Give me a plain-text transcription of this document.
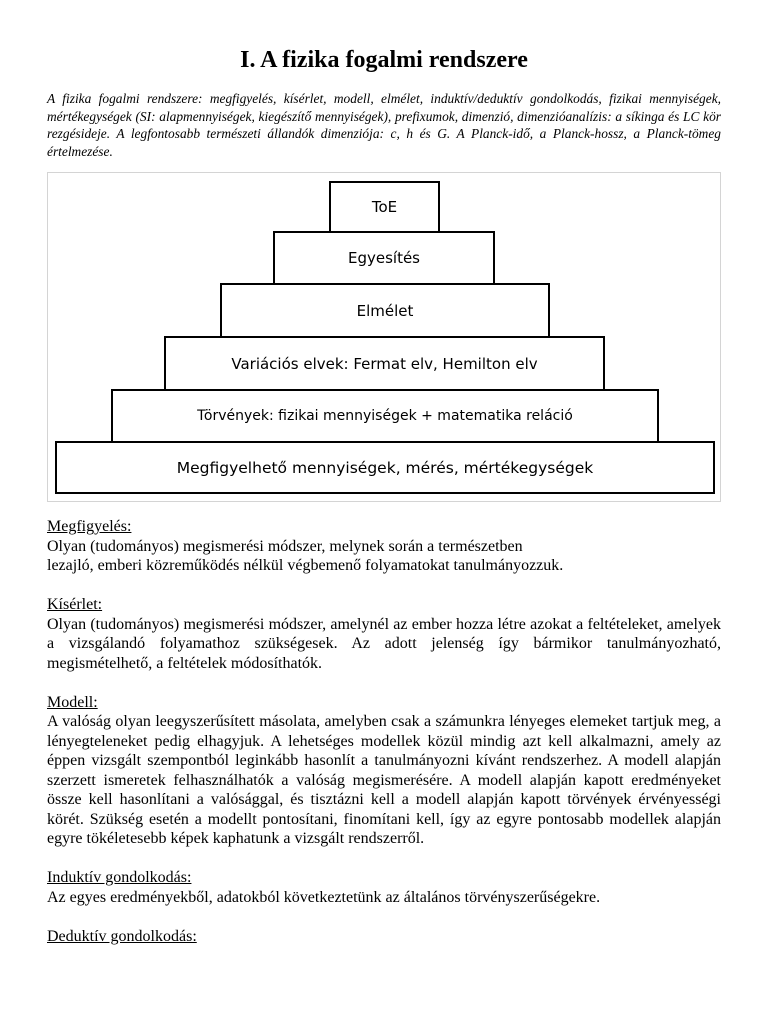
I. A fizika fogalmi rendszere

A fizika fogalmi rendszere: megfigyelés, kísérlet, modell, elmélet, induktív/deduktív gondolkodás, fizikai mennyiségek, mértékegységek (SI: alapmennyiségek, kiegészítő mennyiségek), prefixumok, dimenzió, dimenzióanalízis: a síkinga és LC kör rezgésideje. A legfontosabb természeti állandók dimenziója: c, h és G. A Planck-idő, a Planck-hossz, a Planck-tömeg értelmezése.

ToE
Egyesítés
Elmélet
Variációs elvek: Fermat elv, Hemilton elv
Törvények: fizikai mennyiségek + matematika reláció
Megfigyelhető mennyiségek, mérés, mértékegységek
Megfigyelés:

Olyan (tudományos) megismerési módszer, melynek során a természetben
lezajló, emberi közreműködés nélkül végbemenő folyamatokat tanulmányozzuk.

Kísérlet:

Olyan (tudományos) megismerési módszer, amelynél az ember hozza létre azokat a feltételeket, amelyek a vizsgálandó folyamathoz szükségesek. Az adott jelenség így bármikor tanulmányozható, megismételhető, a feltételek módosíthatók.

Modell:

A valóság olyan leegyszerűsített másolata, amelyben csak a számunkra lényeges elemeket tartjuk meg, a lényegteleneket pedig elhagyjuk. A lehetséges modellek közül mindig azt kell alkalmazni, amely az éppen vizsgált szempontból leginkább hasonlít a tanulmányozni kívánt rendszerhez. A modell alapján szerzett ismeretek felhasználhatók a valóság megismerésére. A modell alapján kapott eredményeket össze kell hasonlítani a valósággal, és tisztázni kell a modell alapján kapott törvények érvényességi körét. Szükség esetén a modellt pontosítani, finomítani kell, így az egyre pontosabb modellek alapján egyre tökéletesebb képek kaphatunk a vizsgált rendszerről.

Induktív gondolkodás:

Az egyes eredményekből, adatokból következtetünk az általános törvényszerűségekre.

Deduktív gondolkodás:
